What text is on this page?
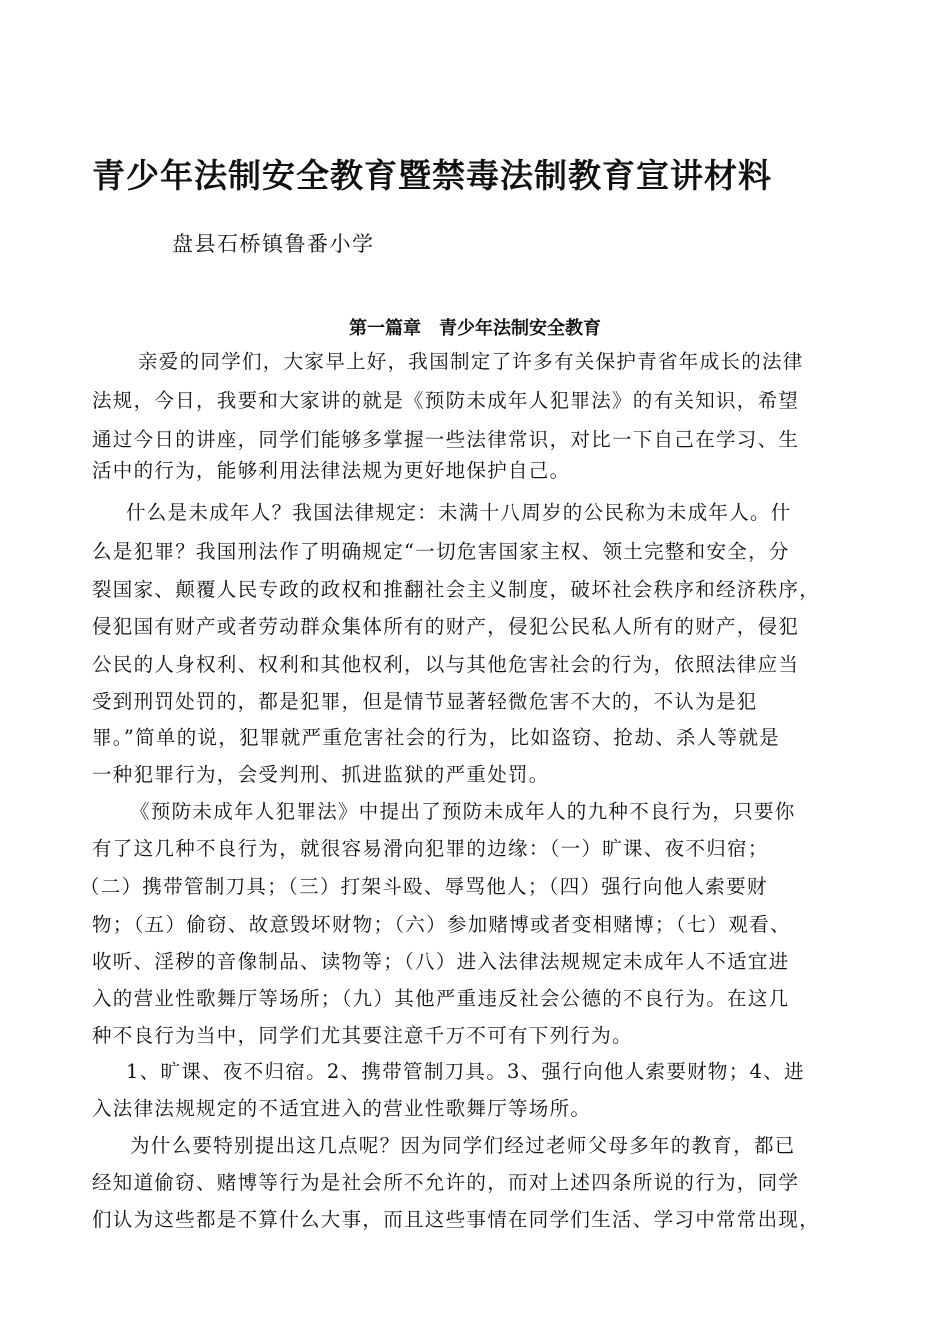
青少年法制安全教育暨禁毒法制教育宣讲材料
盘县石桥镇鲁番小学
第一篇章　青少年法制安全教育
亲爱的同学们，大家早上好，我国制定了许多有关保护青省年成长的法律
法规，今日，我要和大家讲的就是《预防未成年人犯罪法》的有关知识，希望
通过今日的讲座，同学们能够多掌握一些法律常识，对比一下自己在学习、生
活中的行为，能够利用法律法规为更好地保护自己。
什么是未成年人？我国法律规定：未满十八周岁的公民称为未成年人。什
么是犯罪？我国刑法作了明确规定“一切危害国家主权、领土完整和安全，分
裂国家、颠覆人民专政的政权和推翻社会主义制度，破坏社会秩序和经济秩序，
侵犯国有财产或者劳动群众集体所有的财产，侵犯公民私人所有的财产，侵犯
公民的人身权利、权利和其他权利，以与其他危害社会的行为，依照法律应当
受到刑罚处罚的，都是犯罪，但是情节显著轻微危害不大的，不认为是犯
罪。”简单的说，犯罪就严重危害社会的行为，比如盗窃、抢劫、杀人等就是
一种犯罪行为，会受判刑、抓进监狱的严重处罚。
《预防未成年人犯罪法》中提出了预防未成年人的九种不良行为，只要你
有了这几种不良行为，就很容易滑向犯罪的边缘：（一）旷课、夜不归宿；
（二）携带管制刀具；（三）打架斗殴、辱骂他人；（四）强行向他人索要财
物；（五）偷窃、故意毁坏财物；（六）参加赌博或者变相赌博；（七）观看、
收听、淫秽的音像制品、读物等；（八）进入法律法规规定未成年人不适宜进
入的营业性歌舞厅等场所；（九）其他严重违反社会公德的不良行为。在这几
种不良行为当中，同学们尤其要注意千万不可有下列行为。
1、旷课、夜不归宿。2、携带管制刀具。3、强行向他人索要财物；4、进
入法律法规规定的不适宜进入的营业性歌舞厅等场所。
为什么要特别提出这几点呢？因为同学们经过老师父母多年的教育，都已
经知道偷窃、赌博等行为是社会所不允许的，而对上述四条所说的行为，同学
们认为这些都是不算什么大事，而且这些事情在同学们生活、学习中常常出现，
